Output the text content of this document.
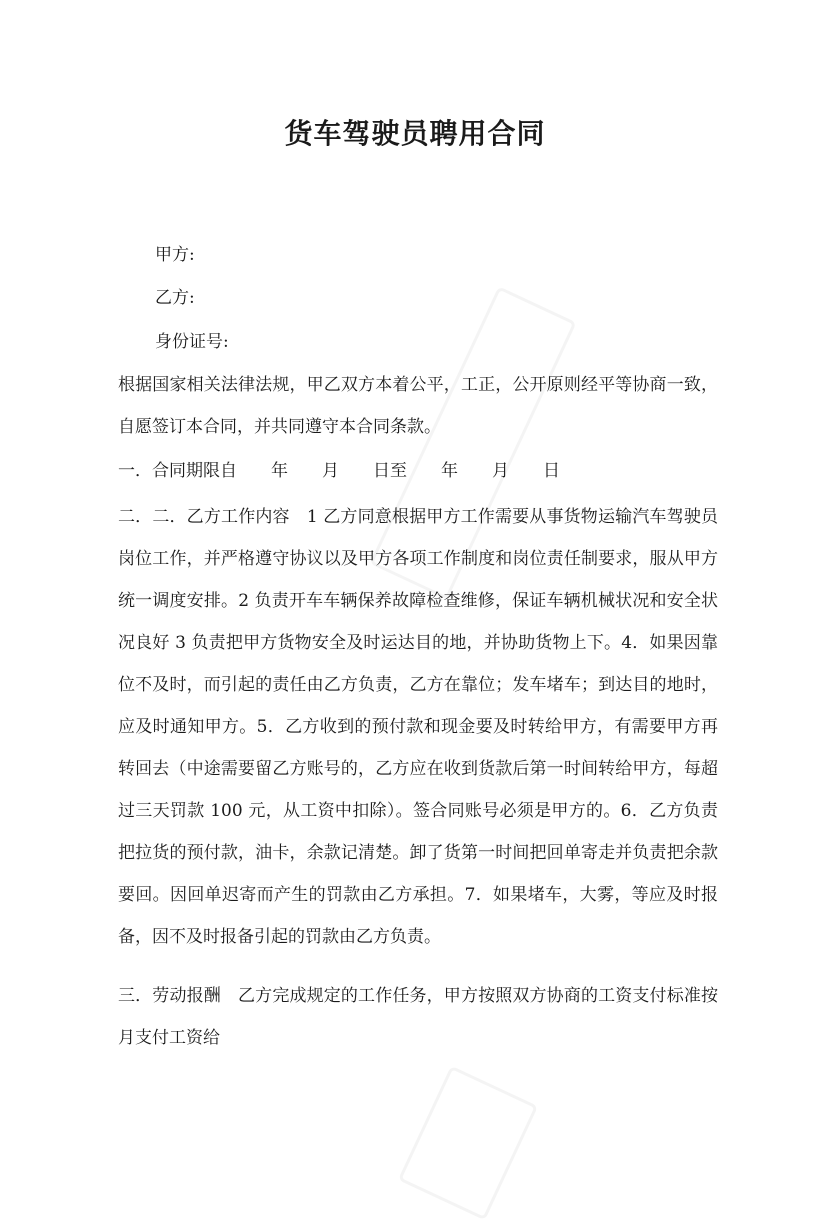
货车驾驶员聘用合同

甲方:

乙方:

身份证号:

根据国家相关法律法规，甲乙双方本着公平，工正，公开原则经平等协商一致，自愿签订本合同，并共同遵守本合同条款。

一．合同期限自　　年　　月　　日至　　年　　月　　日

二．二．乙方工作内容　1 乙方同意根据甲方工作需要从事货物运输汽车驾驶员岗位工作，并严格遵守协议以及甲方各项工作制度和岗位责任制要求，服从甲方统一调度安排。2 负责开车车辆保养故障检查维修，保证车辆机械状况和安全状况良好 3 负责把甲方货物安全及时运达目的地，并协助货物上下。4．如果因靠位不及时，而引起的责任由乙方负责，乙方在靠位；发车堵车；到达目的地时，应及时通知甲方。5．乙方收到的预付款和现金要及时转给甲方，有需要甲方再转回去（中途需要留乙方账号的，乙方应在收到货款后第一时间转给甲方，每超过三天罚款 100 元，从工资中扣除）。签合同账号必须是甲方的。6．乙方负责把拉货的预付款，油卡，余款记清楚。卸了货第一时间把回单寄走并负责把余款要回。因回单迟寄而产生的罚款由乙方承担。7．如果堵车，大雾，等应及时报备，因不及时报备引起的罚款由乙方负责。

三．劳动报酬　乙方完成规定的工作任务，甲方按照双方协商的工资支付标准按月支付工资给
